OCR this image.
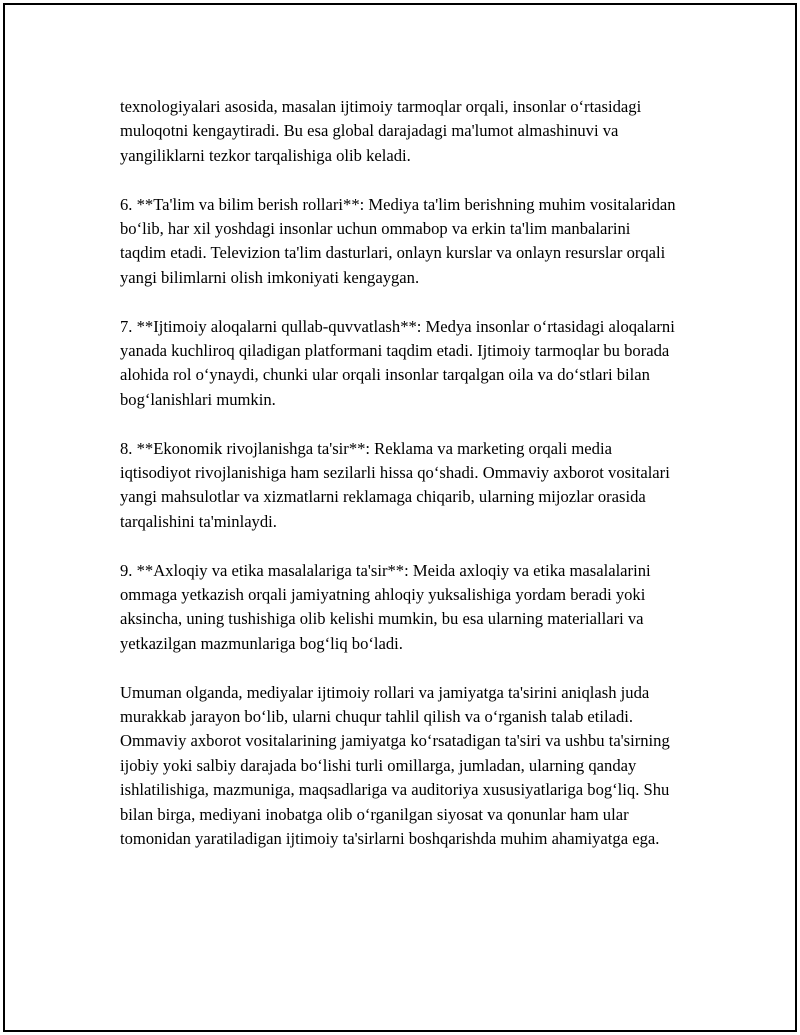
texnologiyalari asosida, masalan ijtimoiy tarmoqlar orqali, insonlar o‘rtasidagi muloqotni kengaytiradi. Bu esa global darajadagi ma'lumot almashinuvi va yangiliklarni tezkor tarqalishiga olib keladi.

6. **Ta'lim va bilim berish rollari**: Mediya ta'lim berishning muhim vositalaridan bo‘lib, har xil yoshdagi insonlar uchun ommabop va erkin ta'lim manbalarini taqdim etadi. Televizion ta'lim dasturlari, onlayn kurslar va onlayn resurslar orqali yangi bilimlarni olish imkoniyati kengaygan.

7. **Ijtimoiy aloqalarni qullab-quvvatlash**: Medya insonlar o‘rtasidagi aloqalarni yanada kuchliroq qiladigan platformani taqdim etadi. Ijtimoiy tarmoqlar bu borada alohida rol o‘ynaydi, chunki ular orqali insonlar tarqalgan oila va do‘stlari bilan bog‘lanishlari mumkin.

8. **Ekonomik rivojlanishga ta'sir**: Reklama va marketing orqali media iqtisodiyot rivojlanishiga ham sezilarli hissa qo‘shadi. Ommaviy axborot vositalari yangi mahsulotlar va xizmatlarni reklamaga chiqarib, ularning mijozlar orasida tarqalishini ta'minlaydi.

9. **Axloqiy va etika masalalariga ta'sir**: Meida axloqiy va etika masalalarini ommaga yetkazish orqali jamiyatning ahloqiy yuksalishiga yordam beradi yoki aksincha, uning tushishiga olib kelishi mumkin, bu esa ularning materiallari va yetkazilgan mazmunlariga bog‘liq bo‘ladi.

Umuman olganda, mediyalar ijtimoiy rollari va jamiyatga ta'sirini aniqlash juda murakkab jarayon bo‘lib, ularni chuqur tahlil qilish va o‘rganish talab etiladi. Ommaviy axborot vositalarining jamiyatga ko‘rsatadigan ta'siri va ushbu ta'sirning ijobiy yoki salbiy darajada bo‘lishi turli omillarga, jumladan, ularning qanday ishlatilishiga, mazmuniga, maqsadlariga va auditoriya xususiyatlariga bog‘liq. Shu bilan birga, mediyani inobatga olib o‘rganilgan siyosat va qonunlar ham ular tomonidan yaratiladigan ijtimoiy ta'sirlarni boshqarishda muhim ahamiyatga ega.
